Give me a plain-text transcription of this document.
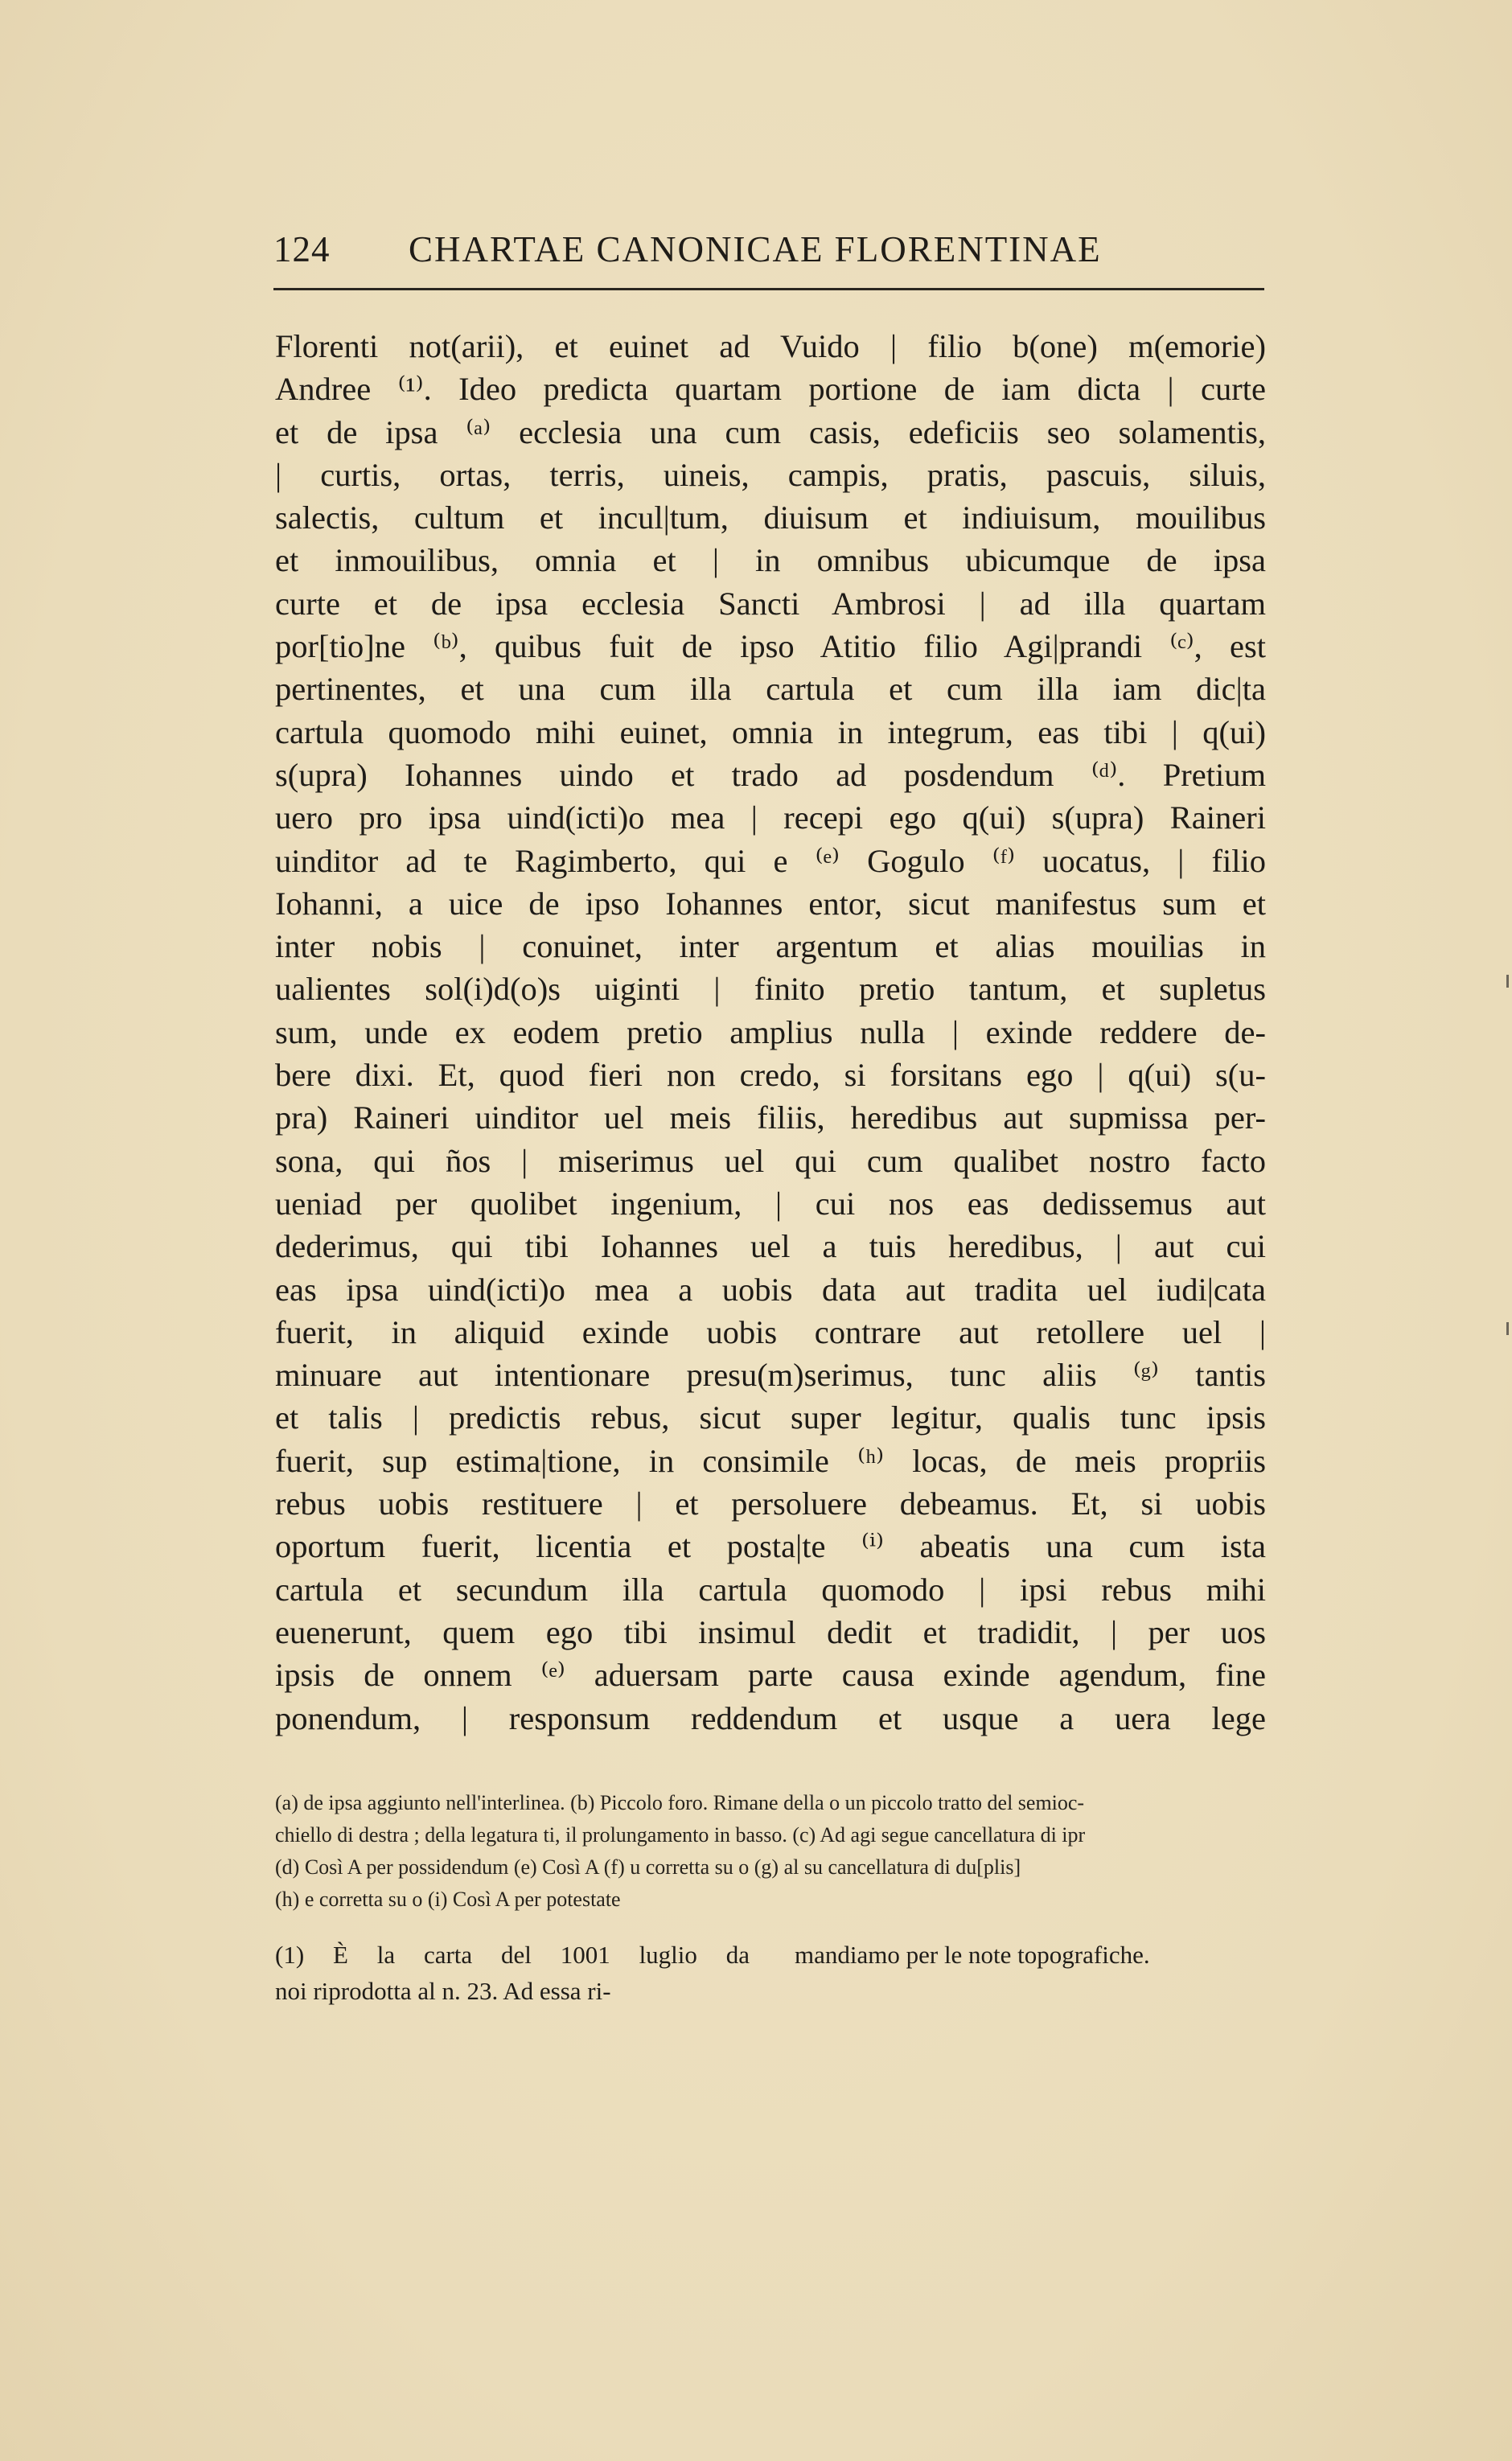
124 CHARTAE CANONICAE FLORENTINAE
Florenti not(arii), et euinet ad Vuido | filio b(one) m(emorie)
Andree ⁽¹⁾. Ideo predicta quartam portione de iam dicta | curte
et de ipsa ⁽ᵃ⁾ ecclesia una cum casis, edeficiis seo solamentis,
| curtis, ortas, terris, uineis, campis, pratis, pascuis, siluis,
salectis, cultum et incul|tum, diuisum et indiuisum, mouilibus
et inmouilibus, omnia et | in omnibus ubicumque de ipsa
curte et de ipsa ecclesia Sancti Ambrosi | ad illa quartam
por[tio]ne ⁽ᵇ⁾, quibus fuit de ipso Atitio filio Agi|prandi ⁽ᶜ⁾, est
pertinentes, et una cum illa cartula et cum illa iam dic|ta
cartula quomodo mihi euinet, omnia in integrum, eas tibi | q(ui)
s(upra) Iohannes uindo et trado ad posdendum ⁽ᵈ⁾. Pretium
uero pro ipsa uind(icti)o mea | recepi ego q(ui) s(upra) Raineri
uinditor ad te Ragimberto, qui e ⁽ᵉ⁾ Gogulo ⁽ᶠ⁾ uocatus, | filio
Iohanni, a uice de ipso Iohannes entor, sicut manifestus sum et
inter nobis | conuinet, inter argentum et alias mouilias in
ualientes sol(i)d(o)s uiginti | finito pretio tantum, et supletus
sum, unde ex eodem pretio amplius nulla | exinde reddere de-
bere dixi. Et, quod fieri non credo, si forsitans ego | q(ui) s(u-
pra) Raineri uinditor uel meis filiis, heredibus aut supmissa per-
sona, qui ños | miserimus uel qui cum qualibet nostro facto
ueniad per quolibet ingenium, | cui nos eas dedissemus aut
dederimus, qui tibi Iohannes uel a tuis heredibus, | aut cui
eas ipsa uind(icti)o mea a uobis data aut tradita uel iudi|cata
fuerit, in aliquid exinde uobis contrare aut retollere uel |
minuare aut intentionare presu(m)serimus, tunc aliis ⁽ᵍ⁾ tantis
et talis | predictis rebus, sicut super legitur, qualis tunc ipsis
fuerit, sup estima|tione, in consimile ⁽ʰ⁾ locas, de meis propriis
rebus uobis restituere | et persoluere debeamus. Et, si uobis
oportum fuerit, licentia et posta|te ⁽ⁱ⁾ abeatis una cum ista
cartula et secundum illa cartula quomodo | ipsi rebus mihi
euenerunt, quem ego tibi insimul dedit et tradidit, | per uos
ipsis de onnem ⁽ᵉ⁾ aduersam parte causa exinde agendum, fine
ponendum, | responsum reddendum et usque a uera lege
(a) de ipsa aggiunto nell'interlinea. (b) Piccolo foro. Rimane della o un piccolo tratto del semioc-
chiello di destra ; della legatura ti, il prolungamento in basso. (c) Ad agi segue cancellatura di ipr
(d) Così A per possidendum (e) Così A (f) u corretta su o (g) al su cancellatura di du[plis]
(h) e corretta su o (i) Così A per potestate
(1) È la carta del 1001 luglio da
noi riprodotta al n. 23. Ad essa ri-
mandiamo per le note topografiche.
